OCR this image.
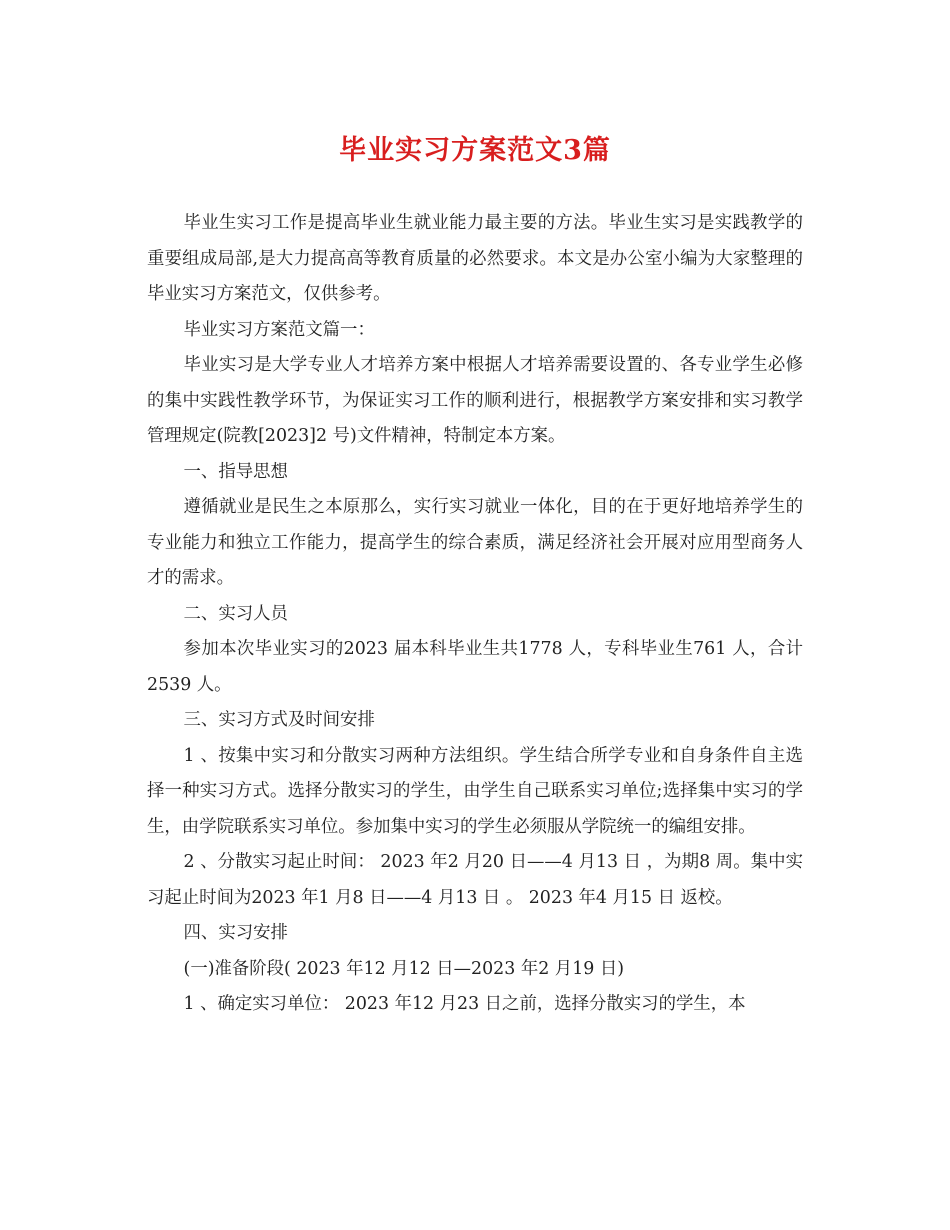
毕业实习方案范文3篇

毕业生实习工作是提高毕业生就业能力最主要的方法。毕业生实习是实践教学的重要组成局部,是大力提高高等教育质量的必然要求。本文是办公室小编为大家整理的毕业实习方案范文，仅供参考。

毕业实习方案范文篇一：

毕业实习是大学专业人才培养方案中根据人才培养需要设置的、各专业学生必修的集中实践性教学环节，为保证实习工作的顺利进行，根据教学方案安排和实习教学管理规定(院教[2023]2 号)文件精神，特制定本方案。

一、指导思想

遵循就业是民生之本原那么，实行实习就业一体化，目的在于更好地培养学生的专业能力和独立工作能力，提高学生的综合素质，满足经济社会开展对应用型商务人才的需求。

二、实习人员

参加本次毕业实习的2023 届本科毕业生共1778 人，专科毕业生761 人，合计2539 人。

三、实习方式及时间安排

1 、按集中实习和分散实习两种方法组织。学生结合所学专业和自身条件自主选择一种实习方式。选择分散实习的学生，由学生自己联系实习单位;选择集中实习的学生，由学院联系实习单位。参加集中实习的学生必须服从学院统一的编组安排。

2 、分散实习起止时间： 2023 年2 月20 日——4 月13 日 ，为期8 周。集中实习起止时间为2023 年1 月8 日——4 月13 日 。 2023 年4 月15 日 返校。

四、实习安排

(一)准备阶段( 2023 年12 月12 日—2023 年2 月19 日)

1 、确定实习单位： 2023 年12 月23 日之前，选择分散实习的学生，本
